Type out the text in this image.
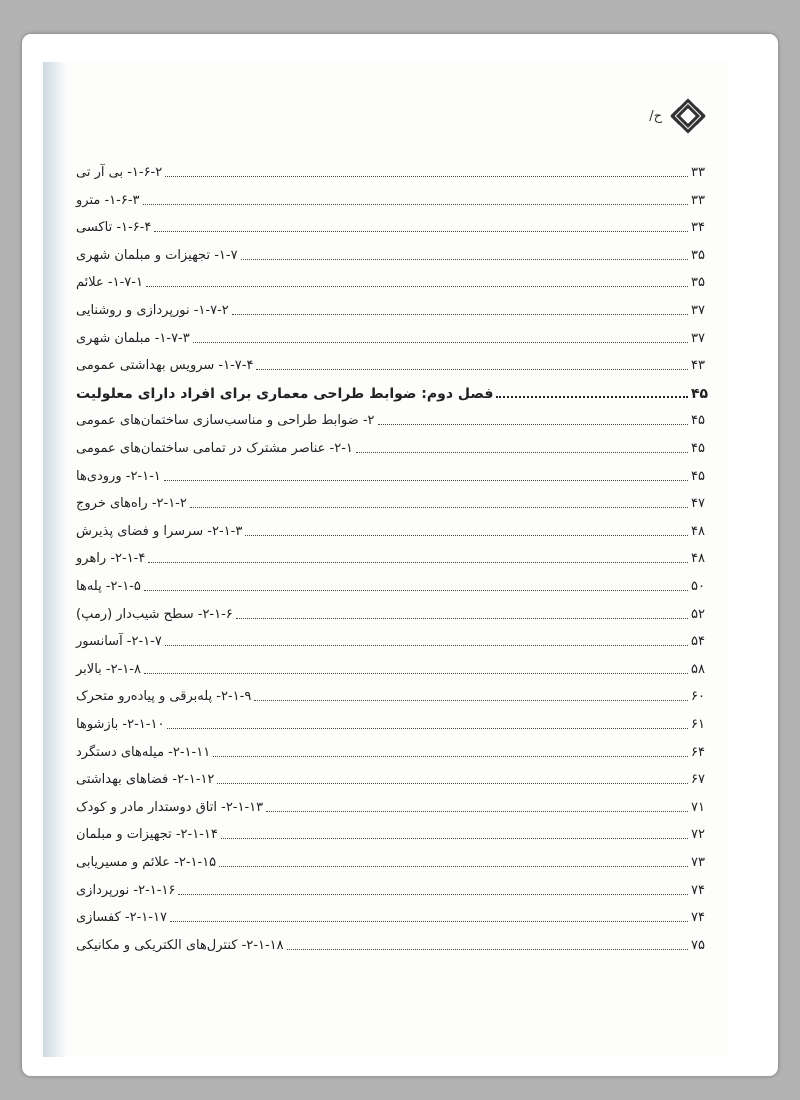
/ح
۱-۶-۲- بی آر تی	۳۳
۱-۶-۳- مترو	۳۳
۱-۶-۴- تاکسی	۳۴
۱-۷- تجهیزات و مبلمان شهری	۳۵
۱-۷-۱- علائم	۳۵
۱-۷-۲- نورپردازی و روشنایی	۳۷
۱-۷-۳- مبلمان شهری	۳۷
۱-۷-۴- سرویس بهداشتی عمومی	۴۳
فصل دوم: ضوابط طراحی معماری برای افراد دارای معلولیت	۴۵
۲- ضوابط طراحی و مناسب‌سازی ساختمان‌های عمومی	۴۵
۲-۱- عناصر مشترک در تمامی ساختمان‌های عمومی	۴۵
۲-۱-۱- ورودی‌ها	۴۵
۲-۱-۲- راه‌های خروج	۴۷
۲-۱-۳- سرسرا و فضای پذیرش	۴۸
۲-۱-۴- راهرو	۴۸
۲-۱-۵- پله‌ها	۵۰
۲-۱-۶- سطح شیب‌دار (رمپ)	۵۲
۲-۱-۷- آسانسور	۵۴
۲-۱-۸- بالابر	۵۸
۲-۱-۹- پله‌برقی و پیاده‌رو متحرک	۶۰
۲-۱-۱۰- بازشوها	۶۱
۲-۱-۱۱- میله‌های دستگرد	۶۴
۲-۱-۱۲- فضاهای بهداشتی	۶۷
۲-۱-۱۳- اتاق دوستدار مادر و کودک	۷۱
۲-۱-۱۴- تجهیزات و مبلمان	۷۲
۲-۱-۱۵- علائم و مسیریابی	۷۳
۲-۱-۱۶- نورپردازی	۷۴
۲-۱-۱۷- کفسازی	۷۴
۲-۱-۱۸- کنترل‌های الکتریکی و مکانیکی	۷۵
